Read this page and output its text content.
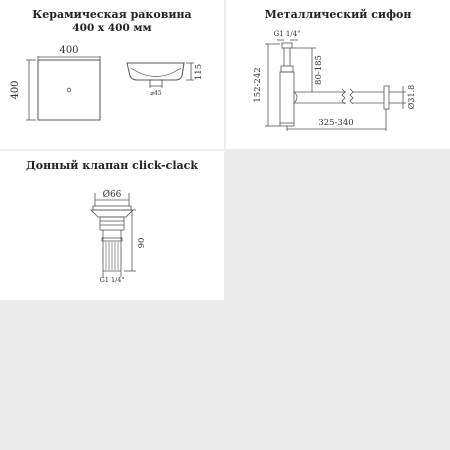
Керамическая раковина
400 x 400 мм
400
400
115
⌀45
Металлический сифон
G1 1/4"
152-242	80-185
325-340
Ø31.8
Донный клапан click-clack
Ø66
90
G1 1/4"
